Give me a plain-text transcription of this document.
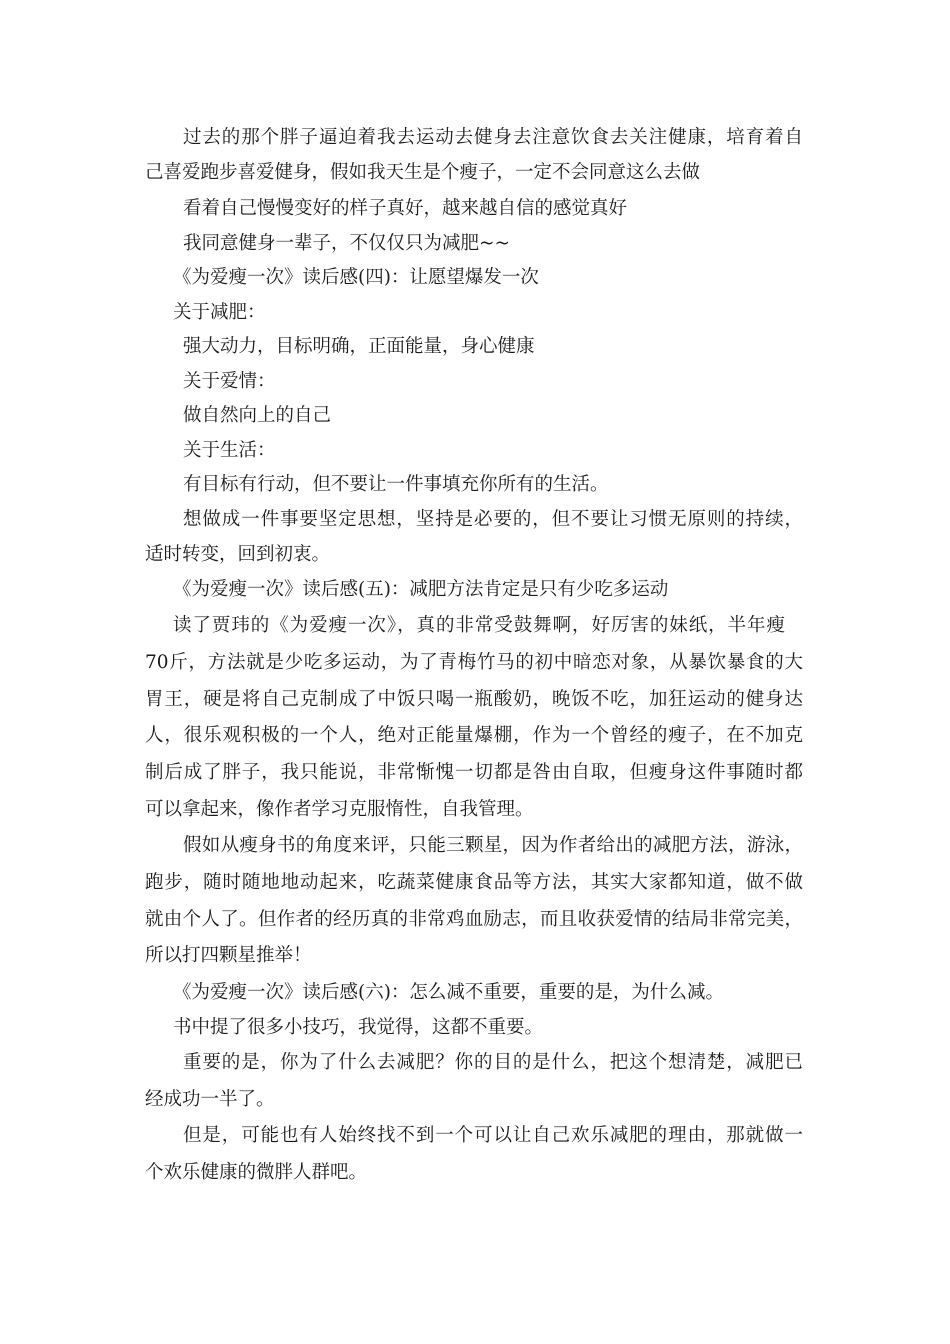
过去的那个胖子逼迫着我去运动去健身去注意饮食去关注健康，培育着自
己喜爱跑步喜爱健身，假如我天生是个瘦子，一定不会同意这么去做
看着自己慢慢变好的样子真好，越来越自信的感觉真好
我同意健身一辈子，不仅仅只为减肥~~
《为爱瘦一次》读后感(四)：让愿望爆发一次
关于减肥：
强大动力，目标明确，正面能量，身心健康
关于爱情：
做自然向上的自己
关于生活：
有目标有行动，但不要让一件事填充你所有的生活。
想做成一件事要坚定思想，坚持是必要的，但不要让习惯无原则的持续，
适时转变，回到初衷。
《为爱瘦一次》读后感(五)：减肥方法肯定是只有少吃多运动
读了贾玮的《为爱瘦一次》，真的非常受鼓舞啊，好厉害的妹纸，半年瘦
70斤，方法就是少吃多运动，为了青梅竹马的初中暗恋对象，从暴饮暴食的大
胃王，硬是将自己克制成了中饭只喝一瓶酸奶，晚饭不吃，加狂运动的健身达
人，很乐观积极的一个人，绝对正能量爆棚，作为一个曾经的瘦子，在不加克
制后成了胖子，我只能说，非常惭愧一切都是咎由自取，但瘦身这件事随时都
可以拿起来，像作者学习克服惰性，自我管理。
假如从瘦身书的角度来评，只能三颗星，因为作者给出的减肥方法，游泳，
跑步，随时随地地动起来，吃蔬菜健康食品等方法，其实大家都知道，做不做
就由个人了。但作者的经历真的非常鸡血励志，而且收获爱情的结局非常完美，
所以打四颗星推举！
《为爱瘦一次》读后感(六)：怎么减不重要，重要的是，为什么减。
书中提了很多小技巧，我觉得，这都不重要。
重要的是，你为了什么去减肥？你的目的是什么，把这个想清楚，减肥已
经成功一半了。
但是，可能也有人始终找不到一个可以让自己欢乐减肥的理由，那就做一
个欢乐健康的微胖人群吧。
